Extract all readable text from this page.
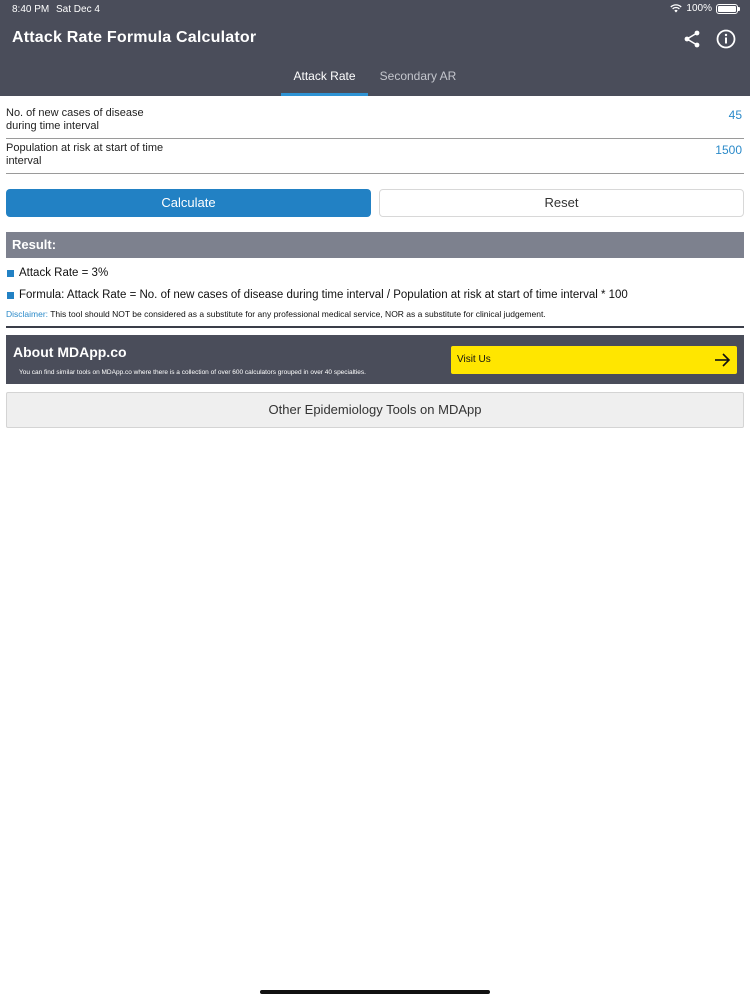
8:40 PM Sat Dec 4	100%
Attack Rate Formula Calculator
Attack Rate	Secondary AR
No. of new cases of disease during time interval
45
Population at risk at start of time interval
1500
Calculate	Reset
Result:
Attack Rate = 3%
Formula: Attack Rate = No. of new cases of disease during time interval / Population at risk at start of time interval * 100
Disclaimer: This tool should NOT be considered as a substitute for any professional medical service, NOR as a substitute for clinical judgement.
About MDApp.co
You can find similar tools on MDApp.co where there is a collection of over 600 calculators grouped in over 40 specialties.
Visit Us
Other Epidemiology Tools on MDApp
